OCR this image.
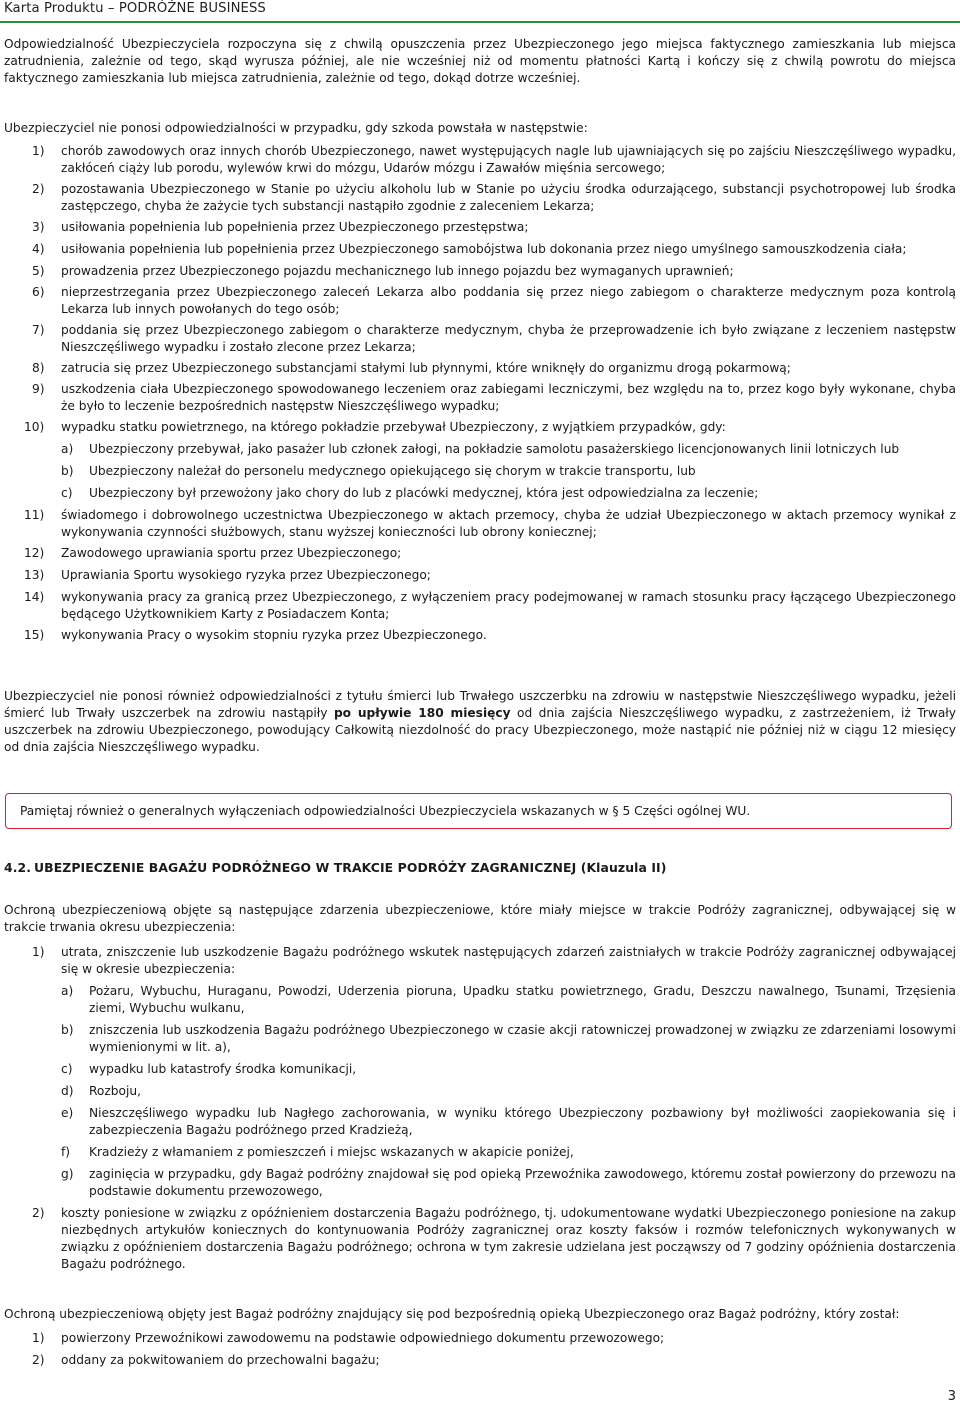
Karta Produktu – PODRÓŻNE BUSINESS

Odpowiedzialność Ubezpieczyciela rozpoczyna się z chwilą opuszczenia przez Ubezpieczonego jego miejsca faktycznego zamieszkania lub miejsca zatrudnienia, zależnie od tego, skąd wyrusza później, ale nie wcześniej niż od momentu płatności Kartą i kończy się z chwilą powrotu do miejsca faktycznego zamieszkania lub miejsca zatrudnienia, zależnie od tego, dokąd dotrze wcześniej.

Ubezpieczyciel nie ponosi odpowiedzialności w przypadku, gdy szkoda powstała w następstwie:

1) chorób zawodowych oraz innych chorób Ubezpieczonego, nawet występujących nagle lub ujawniających się po zajściu Nieszczęśliwego wypadku, zakłóceń ciąży lub porodu, wylewów krwi do mózgu, Udarów mózgu i Zawałów mięśnia sercowego;
2) pozostawania Ubezpieczonego w Stanie po użyciu alkoholu lub w Stanie po użyciu środka odurzającego, substancji psychotropowej lub środka zastępczego, chyba że zażycie tych substancji nastąpiło zgodnie z zaleceniem Lekarza;
3) usiłowania popełnienia lub popełnienia przez Ubezpieczonego przestępstwa;
4) usiłowania popełnienia lub popełnienia przez Ubezpieczonego samobójstwa lub dokonania przez niego umyślnego samouszkodzenia ciała;
5) prowadzenia przez Ubezpieczonego pojazdu mechanicznego lub innego pojazdu bez wymaganych uprawnień;
6) nieprzestrzegania przez Ubezpieczonego zaleceń Lekarza albo poddania się przez niego zabiegom o charakterze medycznym poza kontrolą Lekarza lub innych powołanych do tego osób;
7) poddania się przez Ubezpieczonego zabiegom o charakterze medycznym, chyba że przeprowadzenie ich było związane z leczeniem następstw Nieszczęśliwego wypadku i zostało zlecone przez Lekarza;
8) zatrucia się przez Ubezpieczonego substancjami stałymi lub płynnymi, które wniknęły do organizmu drogą pokarmową;
9) uszkodzenia ciała Ubezpieczonego spowodowanego leczeniem oraz zabiegami leczniczymi, bez względu na to, przez kogo były wykonane, chyba że było to leczenie bezpośrednich następstw Nieszczęśliwego wypadku;
10) wypadku statku powietrznego, na którego pokładzie przebywał Ubezpieczony, z wyjątkiem przypadków, gdy:
a) Ubezpieczony przebywał, jako pasażer lub członek załogi, na pokładzie samolotu pasażerskiego licencjonowanych linii lotniczych lub
b) Ubezpieczony należał do personelu medycznego opiekującego się chorym w trakcie transportu, lub
c) Ubezpieczony był przewożony jako chory do lub z placówki medycznej, która jest odpowiedzialna za leczenie;
11) świadomego i dobrowolnego uczestnictwa Ubezpieczonego w aktach przemocy, chyba że udział Ubezpieczonego w aktach przemocy wynikał z wykonywania czynności służbowych, stanu wyższej konieczności lub obrony koniecznej;
12) Zawodowego uprawiania sportu przez Ubezpieczonego;
13) Uprawiania Sportu wysokiego ryzyka przez Ubezpieczonego;
14) wykonywania pracy za granicą przez Ubezpieczonego, z wyłączeniem pracy podejmowanej w ramach stosunku pracy łączącego Ubezpieczonego będącego Użytkownikiem Karty z Posiadaczem Konta;
15) wykonywania Pracy o wysokim stopniu ryzyka przez Ubezpieczonego.

Ubezpieczyciel nie ponosi również odpowiedzialności z tytułu śmierci lub Trwałego uszczerbku na zdrowiu w następstwie Nieszczęśliwego wypadku, jeżeli śmierć lub Trwały uszczerbek na zdrowiu nastąpiły po upływie 180 miesięcy od dnia zajścia Nieszczęśliwego wypadku, z zastrzeżeniem, iż Trwały uszczerbek na zdrowiu Ubezpieczonego, powodujący Całkowitą niezdolność do pracy Ubezpieczonego, może nastąpić nie później niż w ciągu 12 miesięcy od dnia zajścia Nieszczęśliwego wypadku.

Pamiętaj również o generalnych wyłączeniach odpowiedzialności Ubezpieczyciela wskazanych w § 5 Części ogólnej WU.
4.2. UBEZPIECZENIE BAGAŻU PODRÓŻNEGO W TRAKCIE PODRÓŻY ZAGRANICZNEJ (Klauzula II)

Ochroną ubezpieczeniową objęte są następujące zdarzenia ubezpieczeniowe, które miały miejsce w trakcie Podróży zagranicznej, odbywającej się w trakcie trwania okresu ubezpieczenia:

1) utrata, zniszczenie lub uszkodzenie Bagażu podróżnego wskutek następujących zdarzeń zaistniałych w trakcie Podróży zagranicznej odbywającej się w okresie ubezpieczenia:
a) Pożaru, Wybuchu, Huraganu, Powodzi, Uderzenia pioruna, Upadku statku powietrznego, Gradu, Deszczu nawalnego, Tsunami, Trzęsienia ziemi, Wybuchu wulkanu,
b) zniszczenia lub uszkodzenia Bagażu podróżnego Ubezpieczonego w czasie akcji ratowniczej prowadzonej w związku ze zdarzeniami losowymi wymienionymi w lit. a),
c) wypadku lub katastrofy środka komunikacji,
d) Rozboju,
e) Nieszczęśliwego wypadku lub Nagłego zachorowania, w wyniku którego Ubezpieczony pozbawiony był możliwości zaopiekowania się i zabezpieczenia Bagażu podróżnego przed Kradzieżą,
f) Kradzieży z włamaniem z pomieszczeń i miejsc wskazanych w akapicie poniżej,
g) zaginięcia w przypadku, gdy Bagaż podróżny znajdował się pod opieką Przewoźnika zawodowego, któremu został powierzony do przewozu na podstawie dokumentu przewozowego,
2) koszty poniesione w związku z opóźnieniem dostarczenia Bagażu podróżnego, tj. udokumentowane wydatki Ubezpieczonego poniesione na zakup niezbędnych artykułów koniecznych do kontynuowania Podróży zagranicznej oraz koszty faksów i rozmów telefonicznych wykonywanych w związku z opóźnieniem dostarczenia Bagażu podróżnego; ochrona w tym zakresie udzielana jest począwszy od 7 godziny opóźnienia dostarczenia Bagażu podróżnego.

Ochroną ubezpieczeniową objęty jest Bagaż podróżny znajdujący się pod bezpośrednią opieką Ubezpieczonego oraz Bagaż podróżny, który został:

1) powierzony Przewoźnikowi zawodowemu na podstawie odpowiedniego dokumentu przewozowego;
2) oddany za pokwitowaniem do przechowalni bagażu;
3
